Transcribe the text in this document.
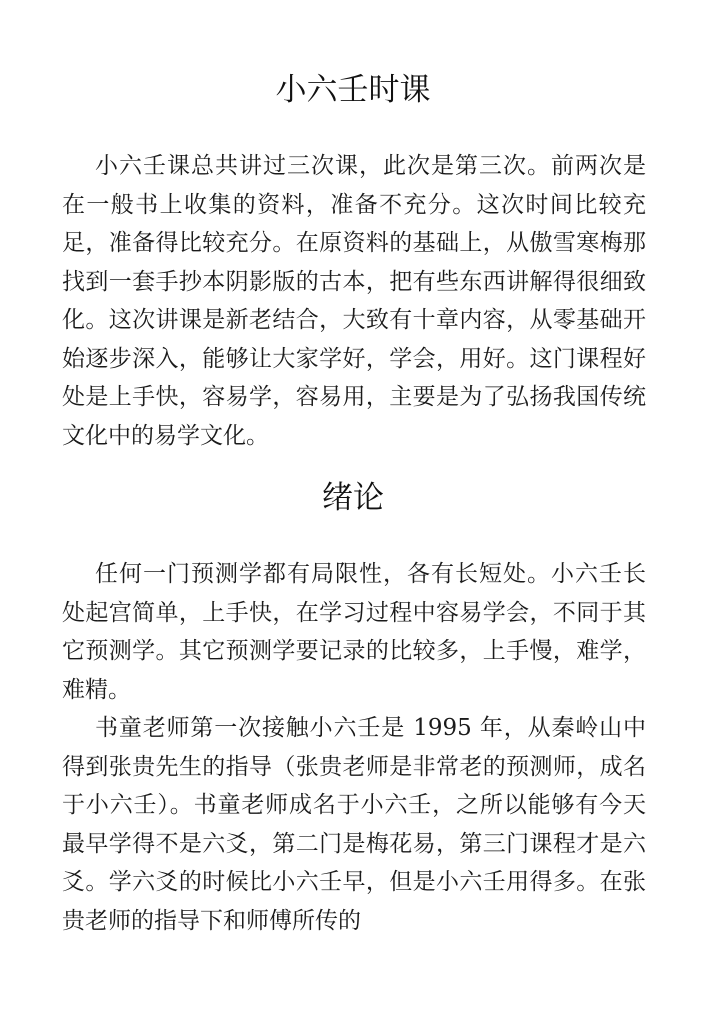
小六壬时课

小六壬课总共讲过三次课，此次是第三次。前两次是在一般书上收集的资料，准备不充分。这次时间比较充足，准备得比较充分。在原资料的基础上，从傲雪寒梅那找到一套手抄本阴影版的古本，把有些东西讲解得很细致化。这次讲课是新老结合，大致有十章内容，从零基础开始逐步深入，能够让大家学好，学会，用好。这门课程好处是上手快，容易学，容易用，主要是为了弘扬我国传统文化中的易学文化。

绪论

任何一门预测学都有局限性，各有长短处。小六壬长处起宫简单，上手快，在学习过程中容易学会，不同于其它预测学。其它预测学要记录的比较多，上手慢，难学，难精。

书童老师第一次接触小六壬是 1995 年，从秦岭山中得到张贵先生的指导（张贵老师是非常老的预测师，成名于小六壬）。书童老师成名于小六壬，之所以能够有今天最早学得不是六爻，第二门是梅花易，第三门课程才是六爻。学六爻的时候比小六壬早，但是小六壬用得多。在张贵老师的指导下和师傅所传的
